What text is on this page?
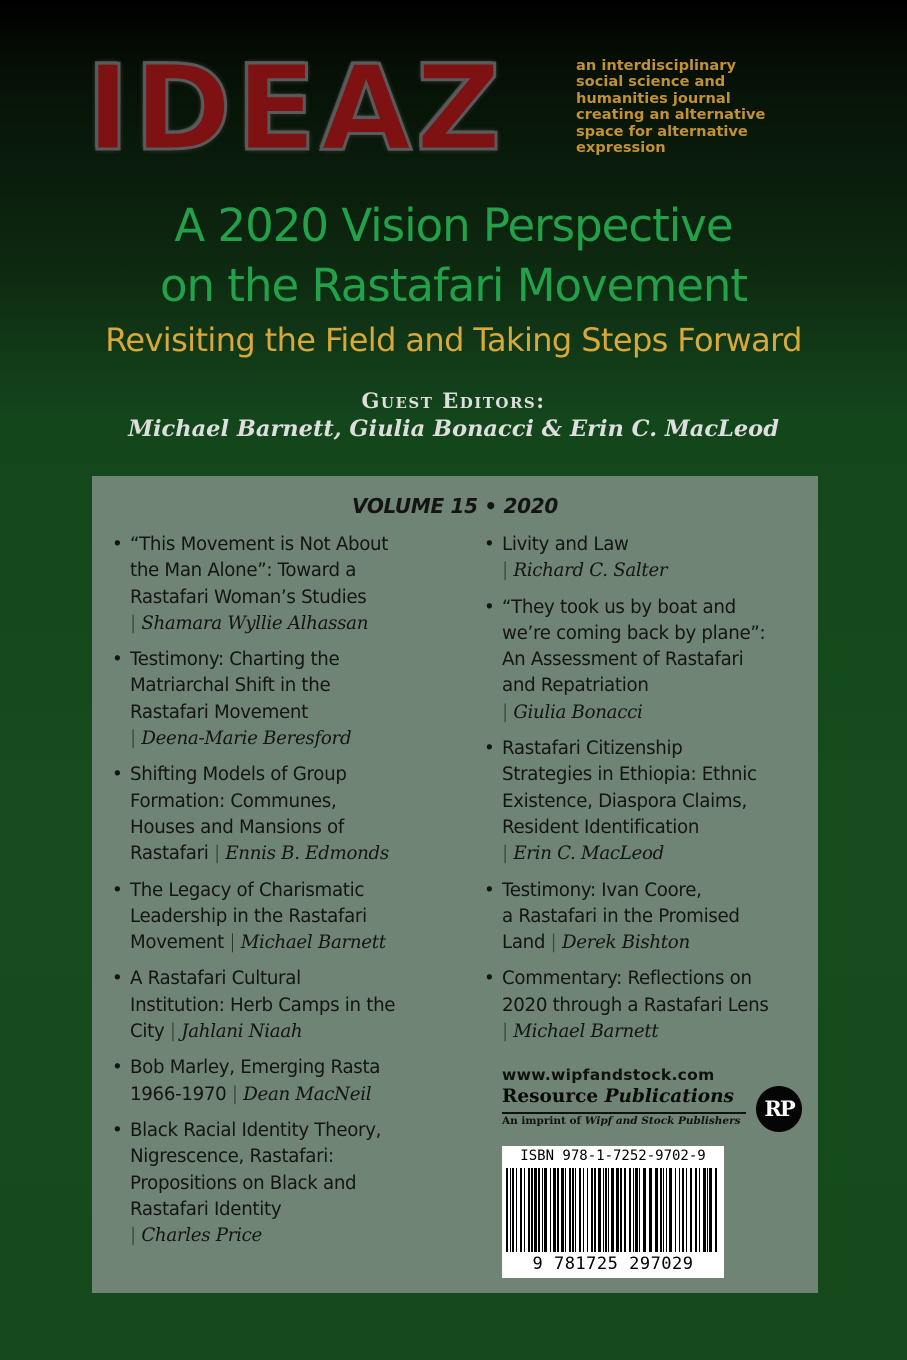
IDEAZ	an interdisciplinary
social science and
humanities journal
creating an alternative
space for alternative
expression
A 2020 Vision Perspective
on the Rastafari Movement
Revisiting the Field and Taking Steps Forward
Guest Editors:
Michael Barnett, Giulia Bonacci & Erin C. MacLeod
VOLUME 15 • 2020
• “This Movement is Not About
the Man Alone”: Toward a
Rastafari Woman’s Studies
| Shamara Wyllie Alhassan
• Testimony: Charting the
Matriarchal Shift in the
Rastafari Movement
| Deena-Marie Beresford
• Shifting Models of Group
Formation: Communes,
Houses and Mansions of
Rastafari | Ennis B. Edmonds
• The Legacy of Charismatic
Leadership in the Rastafari
Movement | Michael Barnett
• A Rastafari Cultural
Institution: Herb Camps in the
City | Jahlani Niaah
• Bob Marley, Emerging Rasta
1966-1970 | Dean MacNeil
• Black Racial Identity Theory,
Nigrescence, Rastafari:
Propositions on Black and
Rastafari Identity
| Charles Price
• Livity and Law
| Richard C. Salter
• “They took us by boat and
we’re coming back by plane”:
An Assessment of Rastafari
and Repatriation
| Giulia Bonacci
• Rastafari Citizenship
Strategies in Ethiopia: Ethnic
Existence, Diaspora Claims,
Resident Identification
| Erin C. MacLeod
• Testimony: Ivan Coore,
a Rastafari in the Promised
Land | Derek Bishton
• Commentary: Reflections on
2020 through a Rastafari Lens
| Michael Barnett
www.wipfandstock.com
Resource Publications
An imprint of Wipf and Stock Publishers	RP
ISBN 978-1-7252-9702-9
9 781725 297029
